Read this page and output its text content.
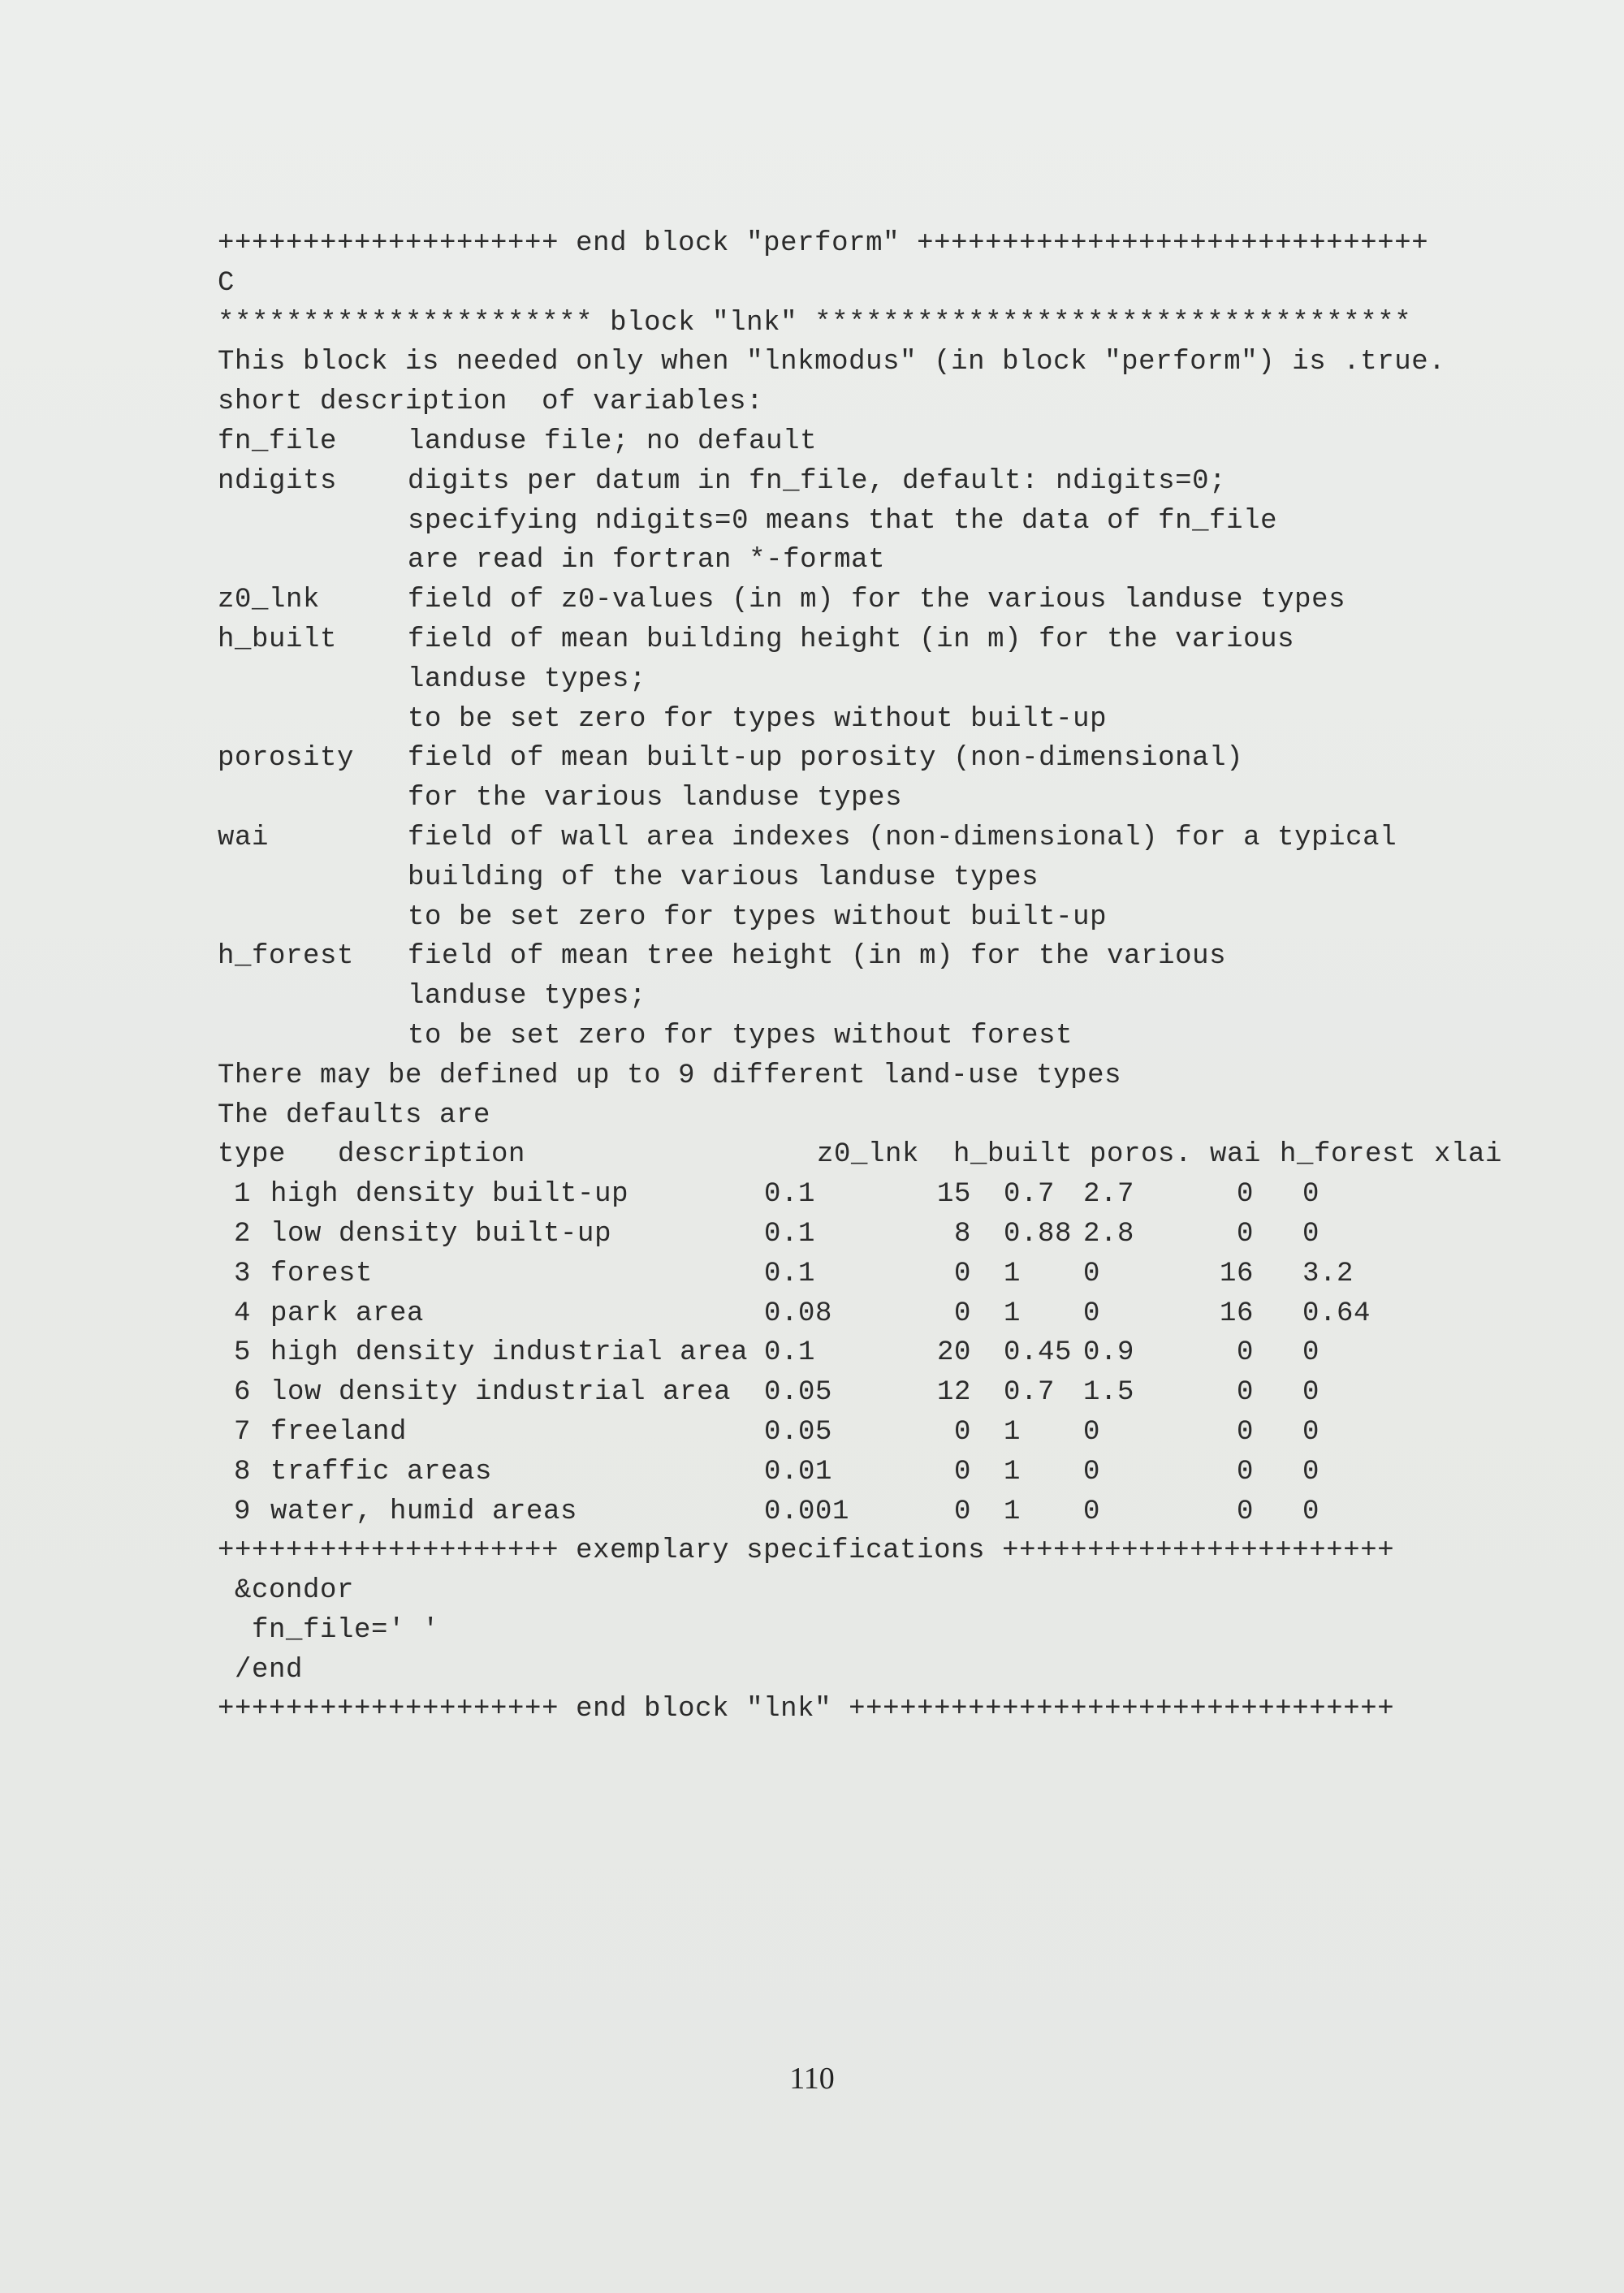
++++++++++++++++++++ end block "perform" ++++++++++++++++++++++++++++++
C
********************** block "lnk" ***********************************
This block is needed only when "lnkmodus" (in block "perform") is .true.
short description  of variables:
fn_file	landuse file; no default
ndigits	digits per datum in fn_file, default: ndigits=0;
specifying ndigits=0 means that the data of fn_file
are read in fortran *-format
z0_lnk	field of z0-values (in m) for the various landuse types
h_built	field of mean building height (in m) for the various
landuse types;
to be set zero for types without built-up
porosity field of mean built-up porosity (non-dimensional)
for the various landuse types
wai	field of wall area indexes (non-dimensional) for a typical
building of the various landuse types
to be set zero for types without built-up
h_forest field of mean tree height (in m) for the various
landuse types;
to be set zero for types without forest
There may be defined up to 9 different land-use types
The defaults are
type description	z0_lnk h_built poros. wai h_forest xlai
1 high density built-up	0.1	15 0.7 2.7	0 0
2 low density built-up	0.1	8 0.88 2.8	0 0
3 forest	0.1	0 1 0	16 3.2
4 park area	0.08	0 1 0	16 0.64
5 high density industrial area 0.1	20 0.45 0.9	0 0
6 low density industrial area 0.05	12 0.7 1.5	0 0
7 freeland	0.05	0 1 0	0 0
8 traffic areas	0.01	0 1 0	0 0
9 water, humid areas	0.001	0 1 0	0 0
++++++++++++++++++++ exemplary specifications +++++++++++++++++++++++
&condor
fn_file=' '
/end
++++++++++++++++++++ end block "lnk" ++++++++++++++++++++++++++++++++
110
